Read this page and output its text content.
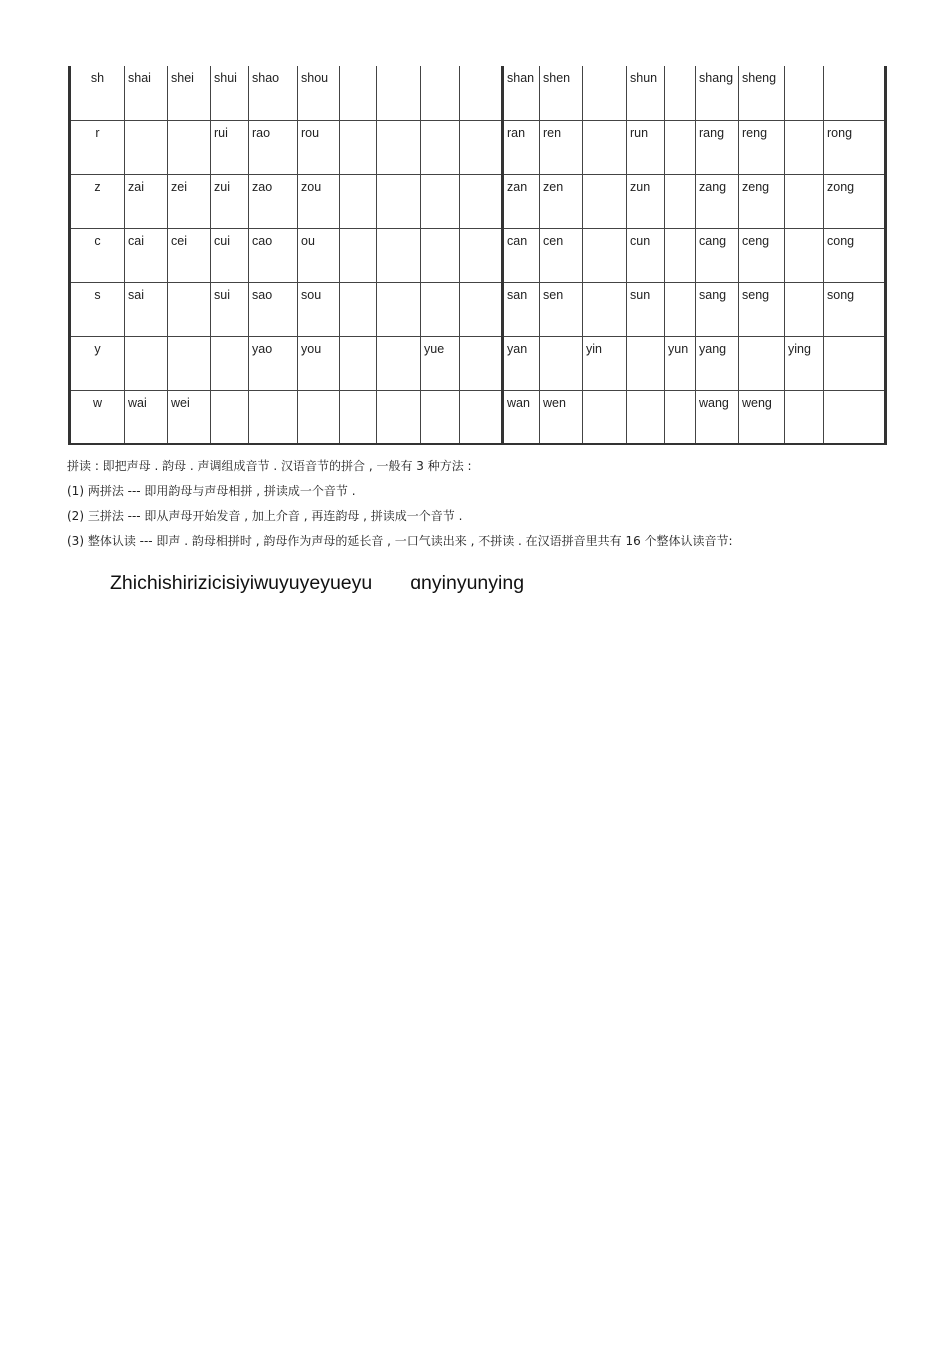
sh	shai	shei	shui	shao	shou					shan	shen		shun		shang	sheng		
r			rui	rao	rou					ran	ren		run		rang	reng		rong
z	zai	zei	zui	zao	zou					zan	zen		zun		zang	zeng		zong
c	cai	cei	cui	cao	ou					can	cen		cun		cang	ceng		cong
s	sai		sui	sao	sou					san	sen		sun		sang	seng		song
y				yao	you			yue		yan		yin		yun	yang		ying	
w	wai	wei								wan	wen				wang	weng		
拼读 : 即把声母 . 韵母 . 声调组成音节 . 汉语音节的拼合 , 一般有 3 种方法 :
(1) 两拼法 --- 即用韵母与声母相拼 , 拼读成一个音节 .
(2) 三拼法 --- 即从声母开始发音 , 加上介音 , 再连韵母 , 拼读成一个音节 .
(3) 整体认读 --- 即声 . 韵母相拼时 , 韵母作为声母的延长音 , 一口气读出来 , 不拼读 . 在汉语拼音里共有 16 个整体认读音节:
Zhichishirizicisiyiwuyuyeyueyu ɑnyinyunying
